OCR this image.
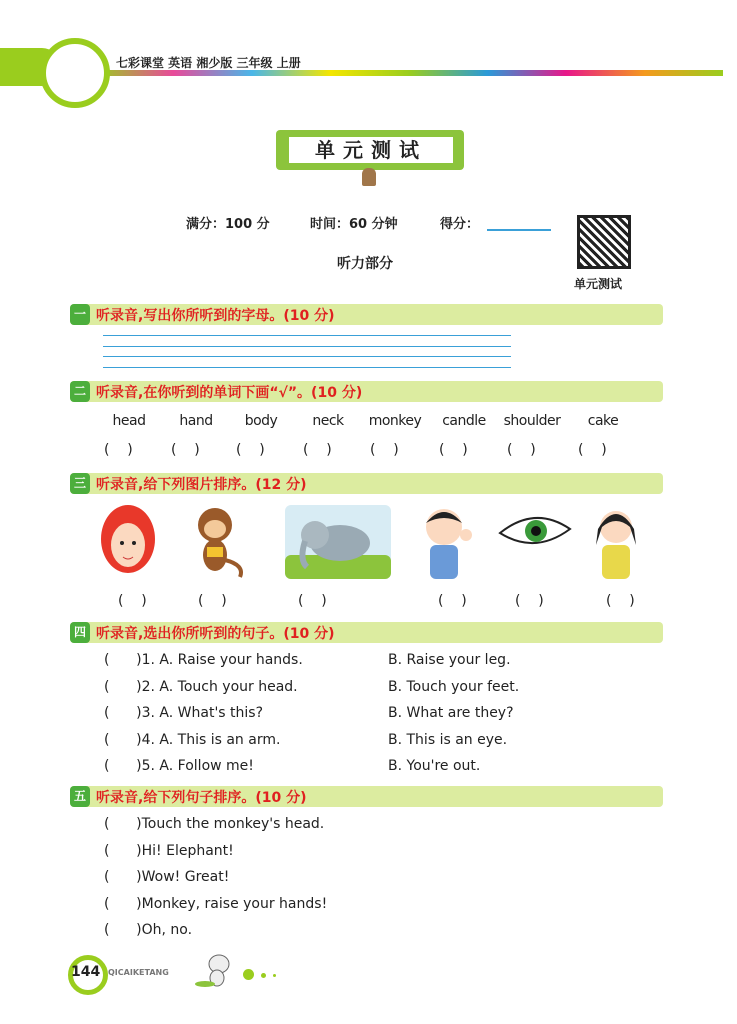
七彩课堂 英语 湘少版 三年级 上册
单元测试
满分：100 分	时间：60 分钟	得分：
单元测试
听力部分
一 听录音,写出你所听到的字母。(10 分)
二 听录音,在你听到的单词下画“√”。(10 分)
head
(    )
hand
(    )
body
(    )
neck
(    )
monkey
(    )
candle
(    )
shoulder
(    )
cake
(    )
三 听录音,给下列图片排序。(12 分)
(    )	(    )	(    )	(    )	(    )	(    )
四 听录音,选出你所听到的句子。(10 分)
(      )1. A. Raise your hands.	B. Raise your leg.
(      )2. A. Touch your head.	B. Touch your feet.
(      )3. A. What's this?	B. What are they?
(      )4. A. This is an arm.	B. This is an eye.
(      )5. A. Follow me!	B. You're out.
五 听录音,给下列句子排序。(10 分)
(      )Touch the monkey's head.
(      )Hi! Elephant!
(      )Wow! Great!
(      )Monkey, raise your hands!
(      )Oh, no.
144 QICAIKETANG
